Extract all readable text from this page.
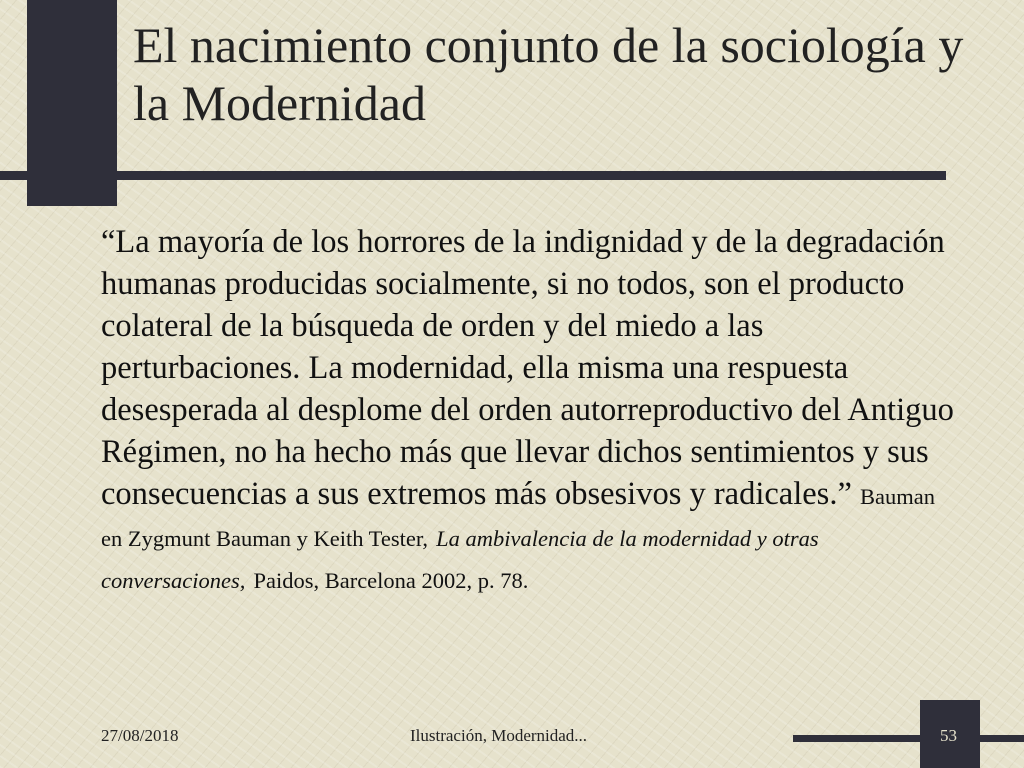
El nacimiento conjunto de la sociología y la Modernidad

“La mayoría de los horrores de la indignidad y de la degradación humanas producidas socialmente, si no todos, son el producto colateral de la búsqueda de orden y del miedo a las perturbaciones. La modernidad, ella misma una respuesta desesperada al desplome del orden autorreproductivo del Antiguo Régimen, no ha hecho más que llevar dichos sentimientos y sus consecuencias a sus extremos más obsesivos y radicales.” Bauman en Zygmunt Bauman y Keith Tester, La ambivalencia de la modernidad y otras conversaciones, Paidos, Barcelona 2002, p. 78.

27/08/2018	Ilustración, Modernidad...	53
